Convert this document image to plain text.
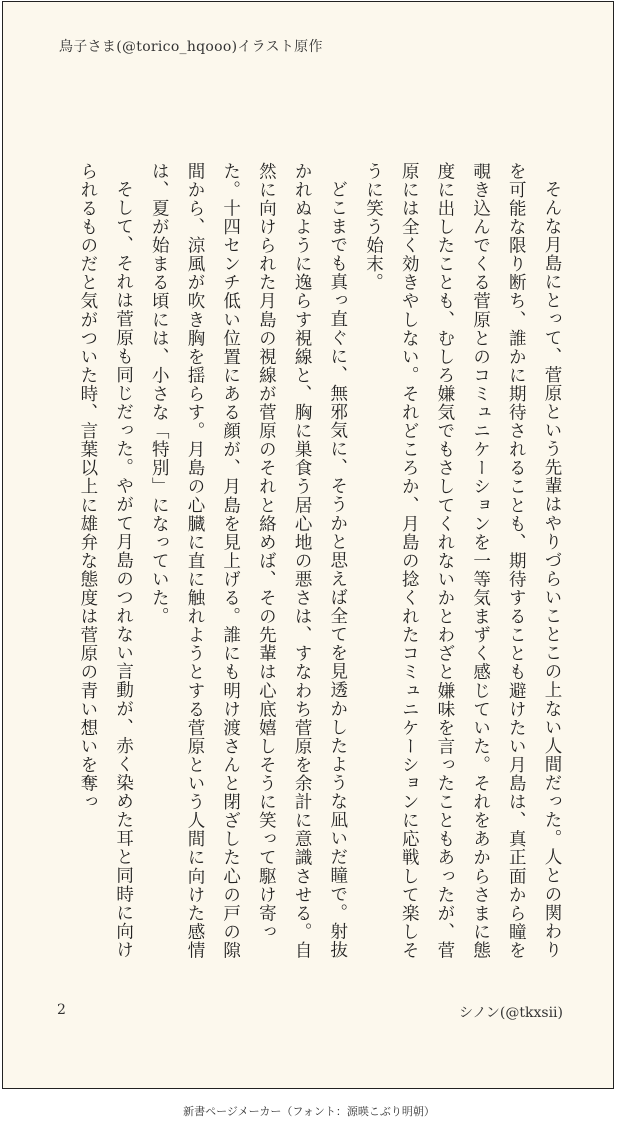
鳥子さま(@torico_hqooo)イラスト原作

そんな月島にとって、菅原という先輩はやりづらいことこの上ない人間だった。人との関わりを可能な限り断ち、誰かに期待されることも、期待することも避けたい月島は、真正面から瞳を覗き込んでくる菅原とのコミュニケーションを一等気まずく感じていた。それをあからさまに態度に出したことも、むしろ嫌気でもさしてくれないかとわざと嫌味を言ったこともあったが、菅原には全く効きやしない。それどころか、月島の捻くれたコミュニケーションに応戦して楽しそうに笑う始末。

どこまでも真っ直ぐに、無邪気に、そうかと思えば全てを見透かしたような凪いだ瞳で。射抜かれぬように逸らす視線と、胸に巣食う居心地の悪さは、すなわち菅原を余計に意識させる。自然に向けられた月島の視線が菅原のそれと絡めば、その先輩は心底嬉しそうに笑って駆け寄った。十四センチ低い位置にある顔が、月島を見上げる。誰にも明け渡さんと閉ざした心の戸の隙間から、涼風が吹き胸を揺らす。月島の心臓に直に触れようとする菅原という人間に向けた感情は、夏が始まる頃には、小さな「特別」になっていた。

そして、それは菅原も同じだった。やがて月島のつれない言動が、赤く染めた耳と同時に向けられるものだと気がついた時、言葉以上に雄弁な態度は菅原の青い想いを奪っ

2	シノン(@tkxsii)
新書ページメーカー（フォント：源暎こぶり明朝）
